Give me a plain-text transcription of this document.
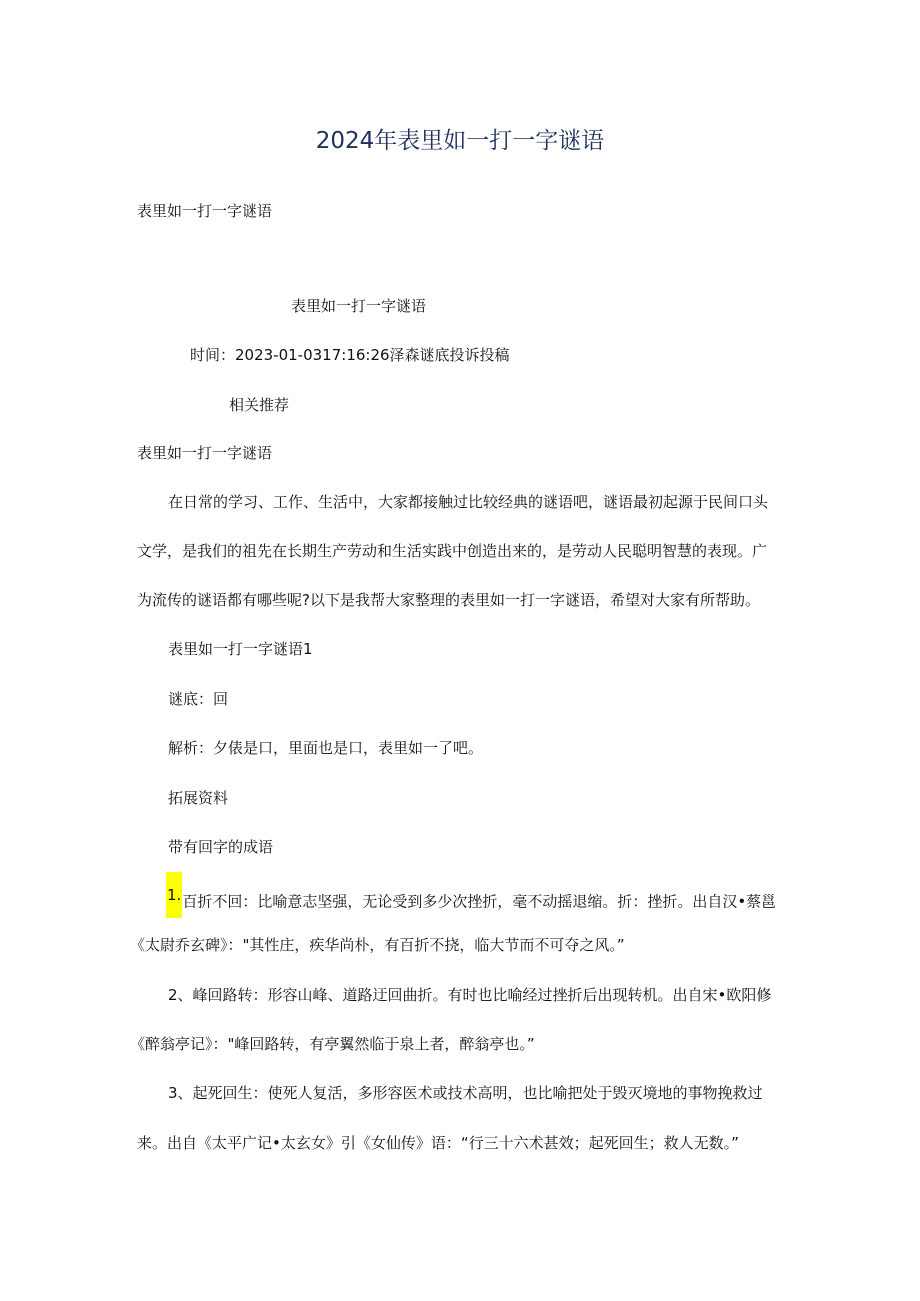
2024年表里如一打一字谜语
表里如一打一字谜语
表里如一打一字谜语
时间：2023-01-0317:16:26泽森谜底投诉投稿
相关推荐
表里如一打一字谜语
在日常的学习、工作、生活中，大家都接触过比较经典的谜语吧，谜语最初起源于民间口头
文学，是我们的祖先在长期生产劳动和生活实践中创造出来的，是劳动人民聪明智慧的表现。广
为流传的谜语都有哪些呢?以下是我帮大家整理的表里如一打一字谜语，希望对大家有所帮助。
表里如一打一字谜语1
谜底：回
解析：夕俵是口，里面也是口，表里如一了吧。
拓展资料
带有回字的成语
1.百折不回：比喻意志坚强，无论受到多少次挫折，毫不动摇退缩。折：挫折。出自汉•蔡邕
《太尉乔玄碑》："其性庄，疾华尚朴，有百折不挠，临大节而不可夺之风。”
2、峰回路转：形容山峰、道路迂回曲折。有时也比喻经过挫折后出现转机。出自宋•欧阳修
《醉翁亭记》："峰回路转，有亭翼然临于泉上者，醉翁亭也。”
3、起死回生：使死人复活，多形容医术或技术高明，也比喻把处于毁灭境地的事物挽救过
来。出自《太平广记•太玄女》引《女仙传》语：“行三十六术甚效；起死回生；救人无数。”
